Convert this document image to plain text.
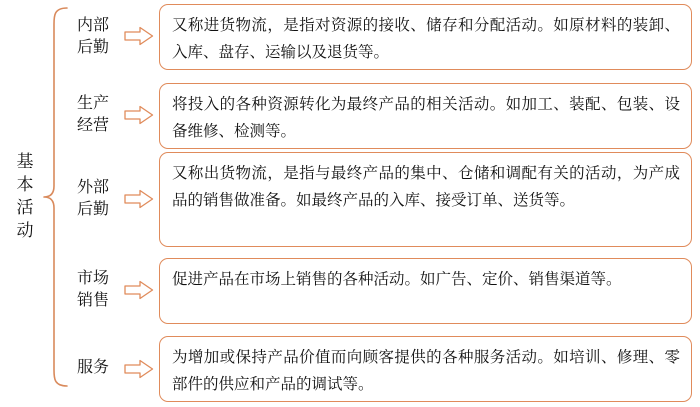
基
本
活
动
内部
后勤
又称进货物流，是指对资源的接收、储存和分配活动。如原材料的装卸、入库、盘存、运输以及退货等。
生产
经营
将投入的各种资源转化为最终产品的相关活动。如加工、装配、包装、设备维修、检测等。
外部
后勤
又称出货物流，是指与最终产品的集中、仓储和调配有关的活动，为产成品的销售做准备。如最终产品的入库、接受订单、送货等。
市场
销售
促进产品在市场上销售的各种活动。如广告、定价、销售渠道等。
服务
为增加或保持产品价值而向顾客提供的各种服务活动。如培训、修理、零部件的供应和产品的调试等。
